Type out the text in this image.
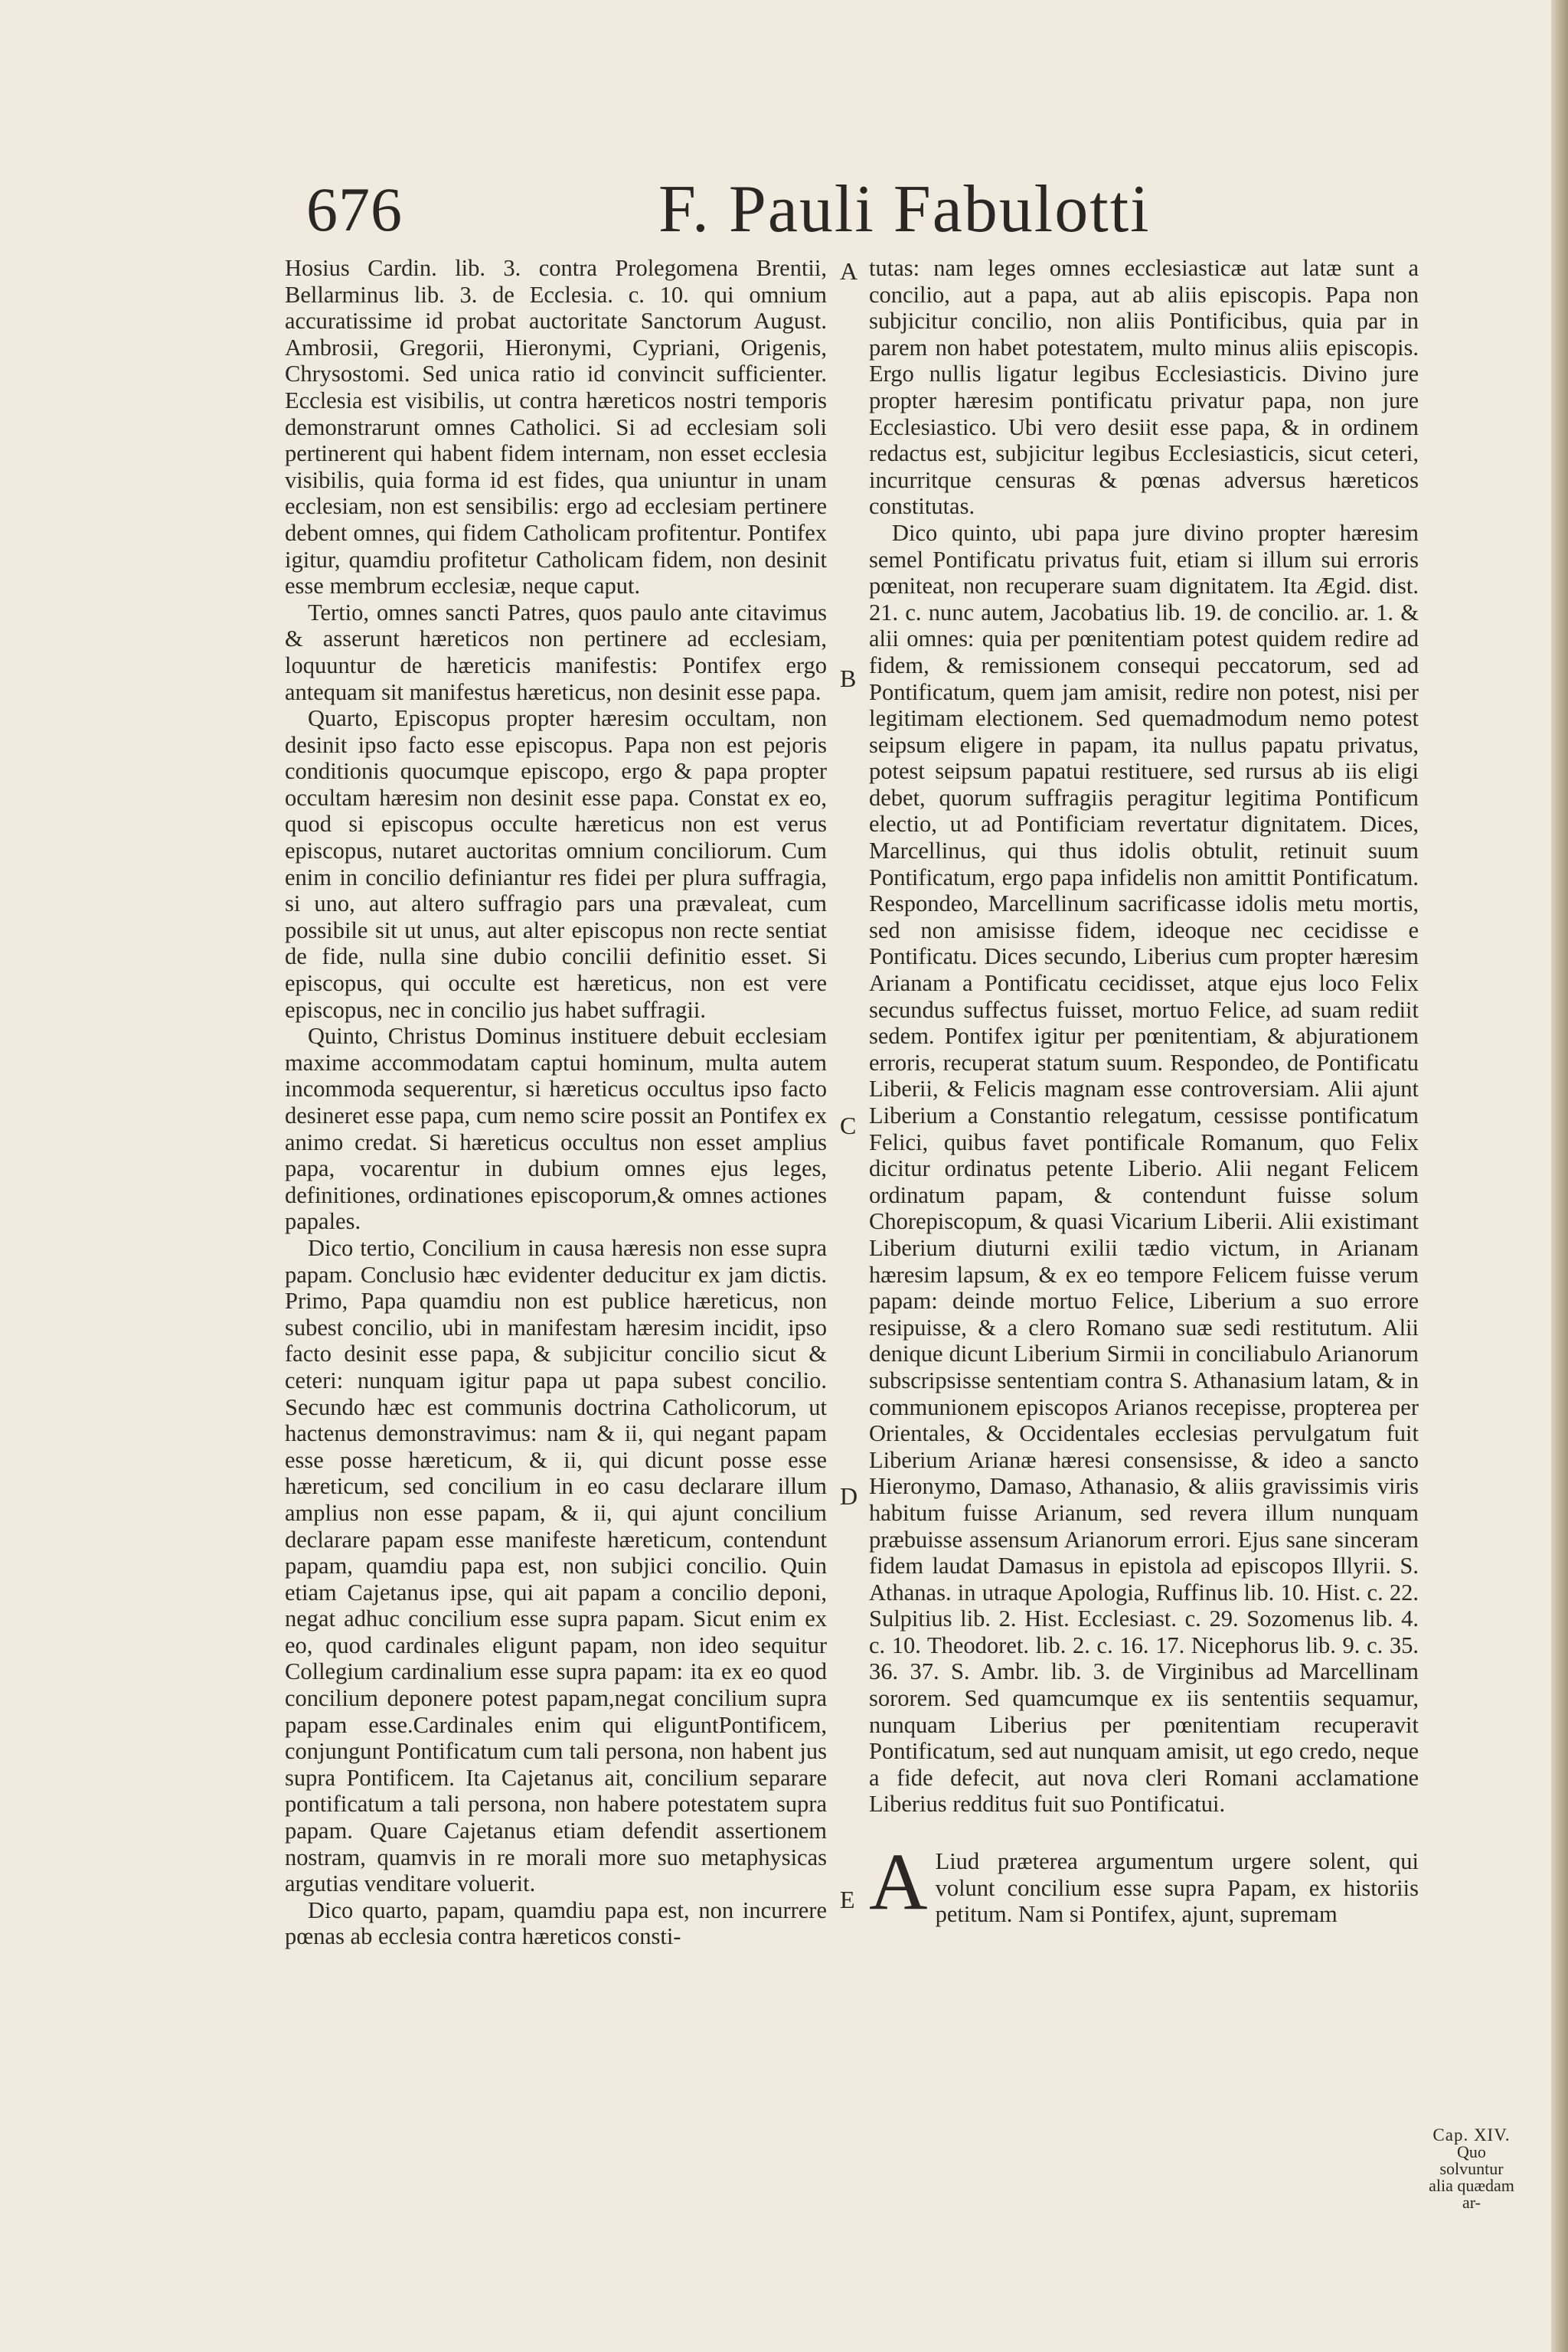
676	F. Pauli Fabulotti

Hosius Cardin. lib. 3. contra Prolegomena Brentii, Bellarminus lib. 3. de Ecclesia. c. 10. qui omnium accuratissime id probat auctoritate Sanctorum August. Ambrosii, Gregorii, Hieronymi, Cypriani, Origenis, Chrysostomi. Sed unica ratio id convincit sufficienter. Ecclesia est visibilis, ut contra hæreticos nostri temporis demonstrarunt omnes Catholici. Si ad ecclesiam soli pertinerent qui habent fidem internam, non esset ecclesia visibilis, quia forma id est fides, qua uniuntur in unam ecclesiam, non est sensibilis: ergo ad ecclesiam pertinere debent omnes, qui fidem Catholicam profitentur. Pontifex igitur, quamdiu profitetur Catholicam fidem, non desinit esse membrum ecclesiæ, neque caput.

Tertio, omnes sancti Patres, quos paulo ante citavimus & asserunt hæreticos non pertinere ad ecclesiam, loquuntur de hæreticis manifestis: Pontifex ergo antequam sit manifestus hæreticus, non desinit esse papa.

Quarto, Episcopus propter hæresim occultam, non desinit ipso facto esse episcopus. Papa non est pejoris conditionis quocumque episcopo, ergo & papa propter occultam hæresim non desinit esse papa. Constat ex eo, quod si episcopus occulte hæreticus non est verus episcopus, nutaret auctoritas omnium conciliorum. Cum enim in concilio definiantur res fidei per plura suffragia, si uno, aut altero suffragio pars una prævaleat, cum possibile sit ut unus, aut alter episcopus non recte sentiat de fide, nulla sine dubio concilii definitio esset. Si episcopus, qui occulte est hæreticus, non est vere episcopus, nec in concilio jus habet suffragii.

Quinto, Christus Dominus instituere debuit ecclesiam maxime accommodatam captui hominum, multa autem incommoda sequerentur, si hæreticus occultus ipso facto desineret esse papa, cum nemo scire possit an Pontifex ex animo credat. Si hæreticus occultus non esset amplius papa, vocarentur in dubium omnes ejus leges, definitiones, ordinationes episcoporum,& omnes actiones papales.

Dico tertio, Concilium in causa hæresis non esse supra papam. Conclusio hæc evidenter deducitur ex jam dictis. Primo, Papa quamdiu non est publice hæreticus, non subest concilio, ubi in manifestam hæresim incidit, ipso facto desinit esse papa, & subjicitur concilio sicut & ceteri: nunquam igitur papa ut papa subest concilio. Secundo hæc est communis doctrina Catholicorum, ut hactenus demonstravimus: nam & ii, qui negant papam esse posse hæreticum, & ii, qui dicunt posse esse hæreticum, sed concilium in eo casu declarare illum amplius non esse papam, & ii, qui ajunt concilium declarare papam esse manifeste hæreticum, contendunt papam, quamdiu papa est, non subjici concilio. Quin etiam Cajetanus ipse, qui ait papam a concilio deponi, negat adhuc concilium esse supra papam. Sicut enim ex eo, quod cardinales eligunt papam, non ideo sequitur Collegium cardinalium esse supra papam: ita ex eo quod concilium deponere potest papam,negat concilium supra papam esse.Cardinales enim qui eliguntPontificem, conjungunt Pontificatum cum tali persona, non habent jus supra Pontificem. Ita Cajetanus ait, concilium separare pontificatum a tali persona, non habere potestatem supra papam. Quare Cajetanus etiam defendit assertionem nostram, quamvis in re morali more suo metaphysicas argutias venditare voluerit.

Dico quarto, papam, quamdiu papa est, non incurrere pœnas ab ecclesia contra hæreticos consti-

tutas: nam leges omnes ecclesiasticæ aut latæ sunt a concilio, aut a papa, aut ab aliis episcopis. Papa non subjicitur concilio, non aliis Pontificibus, quia par in parem non habet potestatem, multo minus aliis episcopis. Ergo nullis ligatur legibus Ecclesiasticis. Divino jure propter hæresim pontificatu privatur papa, non jure Ecclesiastico. Ubi vero desiit esse papa, & in ordinem redactus est, subjicitur legibus Ecclesiasticis, sicut ceteri, incurritque censuras & pœnas adversus hæreticos constitutas.

Dico quinto, ubi papa jure divino propter hæresim semel Pontificatu privatus fuit, etiam si illum sui erroris pœniteat, non recuperare suam dignitatem. Ita Ægid. dist. 21. c. nunc autem, Jacobatius lib. 19. de concilio. ar. 1. & alii omnes: quia per pœnitentiam potest quidem redire ad fidem, & remissionem consequi peccatorum, sed ad Pontificatum, quem jam amisit, redire non potest, nisi per legitimam electionem. Sed quemadmodum nemo potest seipsum eligere in papam, ita nullus papatu privatus, potest seipsum papatui restituere, sed rursus ab iis eligi debet, quorum suffragiis peragitur legitima Pontificum electio, ut ad Pontificiam revertatur dignitatem. Dices, Marcellinus, qui thus idolis obtulit, retinuit suum Pontificatum, ergo papa infidelis non amittit Pontificatum. Respondeo, Marcellinum sacrificasse idolis metu mortis, sed non amisisse fidem, ideoque nec cecidisse e Pontificatu. Dices secundo, Liberius cum propter hæresim Arianam a Pontificatu cecidisset, atque ejus loco Felix secundus suffectus fuisset, mortuo Felice, ad suam rediit sedem. Pontifex igitur per pœnitentiam, & abjurationem erroris, recuperat statum suum. Respondeo, de Pontificatu Liberii, & Felicis magnam esse controversiam. Alii ajunt Liberium a Constantio relegatum, cessisse pontificatum Felici, quibus favet pontificale Romanum, quo Felix dicitur ordinatus petente Liberio. Alii negant Felicem ordinatum papam, & contendunt fuisse solum Chorepiscopum, & quasi Vicarium Liberii. Alii existimant Liberium diuturni exilii tædio victum, in Arianam hæresim lapsum, & ex eo tempore Felicem fuisse verum papam: deinde mortuo Felice, Liberium a suo errore resipuisse, & a clero Romano suæ sedi restitutum. Alii denique dicunt Liberium Sirmii in conciliabulo Arianorum subscripsisse sententiam contra S. Athanasium latam, & in communionem episcopos Arianos recepisse, propterea per Orientales, & Occidentales ecclesias pervulgatum fuit Liberium Arianæ hæresi consensisse, & ideo a sancto Hieronymo, Damaso, Athanasio, & aliis gravissimis viris habitum fuisse Arianum, sed revera illum nunquam præbuisse assensum Arianorum errori. Ejus sane sinceram fidem laudat Damasus in epistola ad episcopos Illyrii. S. Athanas. in utraque Apologia, Ruffinus lib. 10. Hist. c. 22. Sulpitius lib. 2. Hist. Ecclesiast. c. 29. Sozomenus lib. 4. c. 10. Theodoret. lib. 2. c. 16. 17. Nicephorus lib. 9. c. 35. 36. 37. S. Ambr. lib. 3. de Virginibus ad Marcellinam sororem. Sed quamcumque ex iis sententiis sequamur, nunquam Liberius per pœnitentiam recuperavit Pontificatum, sed aut nunquam amisit, ut ego credo, neque a fide defecit, aut nova cleri Romani acclamatione Liberius redditus fuit suo Pontificatui.

A Liud præterea argumentum urgere solent, qui volunt concilium esse supra Papam, ex historiis petitum. Nam si Pontifex, ajunt, supremam

A
B
C
D
E
Cap. XIV.
Quo solvuntur alia quædam ar-
